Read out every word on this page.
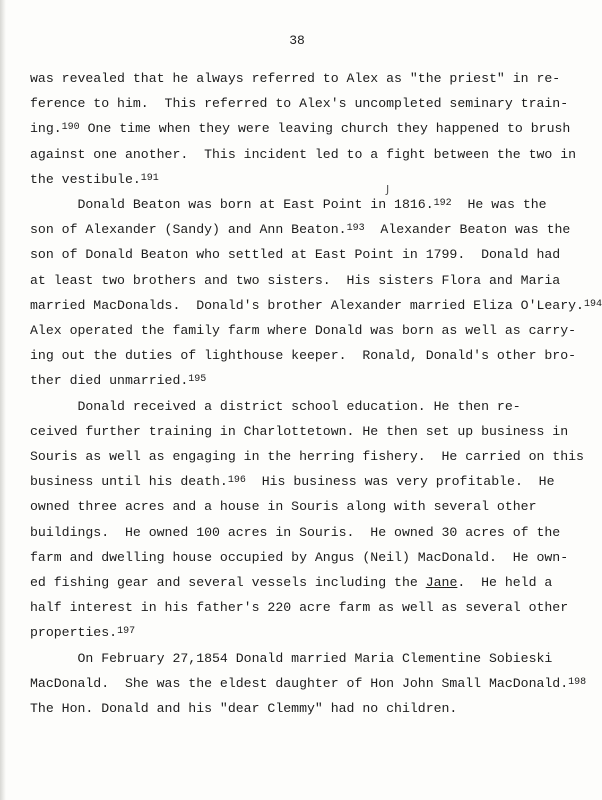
38
J
was revealed that he always referred to Alex as "the priest" in re-
ference to him.  This referred to Alex's uncompleted seminary train-
ing.$^{190}$ One time when they were leaving church they happened to brush
against one another.  This incident led to a fight between the two in
the vestibule.$^{191}$
Donald Beaton was born at East Point in 1816.$^{192}$  He was the
son of Alexander (Sandy) and Ann Beaton.$^{193}$  Alexander Beaton was the
son of Donald Beaton who settled at East Point in 1799.  Donald had
at least two brothers and two sisters.  His sisters Flora and Maria
married MacDonalds.  Donald's brother Alexander married Eliza O'Leary.$^{194}$
Alex operated the family farm where Donald was born as well as carry-
ing out the duties of lighthouse keeper.  Ronald, Donald's other bro-
ther died unmarried.$^{195}$
Donald received a district school education. He then re-
ceived further training in Charlottetown. He then set up business in
Souris as well as engaging in the herring fishery.  He carried on this
business until his death.$^{196}$  His business was very profitable.  He
owned three acres and a house in Souris along with several other
buildings.  He owned 100 acres in Souris.  He owned 30 acres of the
farm and dwelling house occupied by Angus (Neil) MacDonald.  He own-
ed fishing gear and several vessels including the Jane.  He held a
half interest in his father's 220 acre farm as well as several other
properties.$^{197}$
On February 27,1854 Donald married Maria Clementine Sobieski
MacDonald.  She was the eldest daughter of Hon John Small MacDonald.$^{198}$
The Hon. Donald and his "dear Clemmy" had no children.
